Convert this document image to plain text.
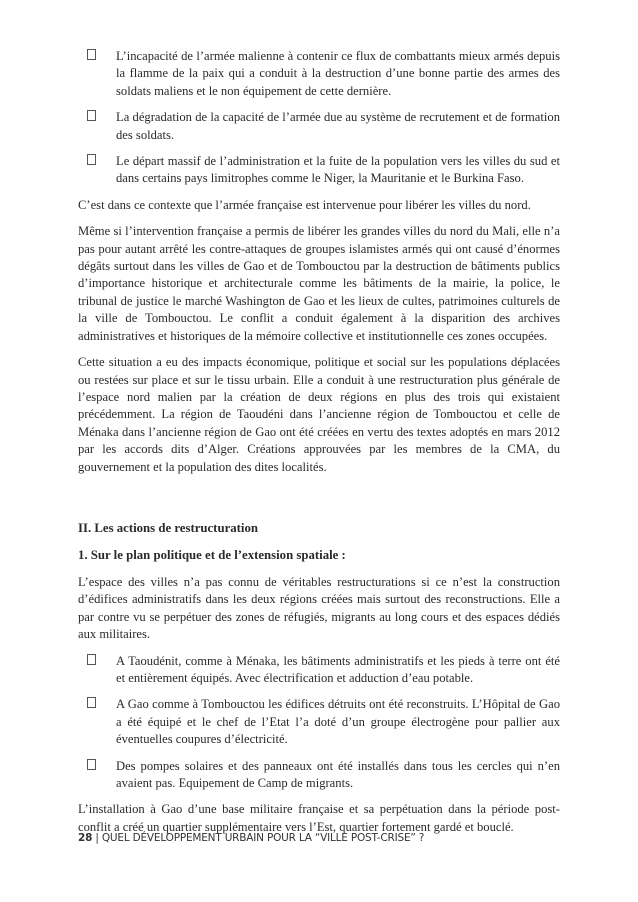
L’incapacité de l’armée malienne à contenir ce flux de combattants mieux armés depuis la flamme de la paix qui a conduit à la destruction d’une bonne partie des armes des soldats maliens et le non équipement de cette dernière.
La dégradation de la capacité de l’armée due au système de recrutement et de formation des soldats.
Le départ massif de l’administration et la fuite de la population vers les villes du sud et dans certains pays limitrophes comme le Niger, la Mauritanie et le Burkina Faso.

C’est dans ce contexte que l’armée française est intervenue pour libérer les villes du nord.

Même si l’intervention française a permis de libérer les grandes villes du nord du Mali, elle n’a pas pour autant arrêté les contre-attaques de groupes islamistes armés qui ont causé d’énormes dégâts surtout dans les villes de Gao et de Tombouctou par la destruction de bâtiments publics d’importance historique et architecturale comme les bâtiments de la mairie, la police, le tribunal de justice le marché Washington de Gao et les lieux de cultes, patrimoines culturels de la ville de Tombouctou. Le conflit a conduit également à la disparition des archives administratives et historiques de la mémoire collective et institutionnelle ces zones occupées.

Cette situation a eu des impacts économique, politique et social sur les populations déplacées ou restées sur place et sur le tissu urbain. Elle a conduit à une restructuration plus générale de l’espace nord malien par la création de deux régions en plus des trois qui existaient précédemment. La région de Taoudéni dans l’ancienne région de Tombouctou et celle de Ménaka dans l’ancienne région de Gao ont été créées en vertu des textes adoptés en mars 2012 par les accords dits d’Alger. Créations approuvées par les membres de la CMA, du gouvernement et la population des dites localités.

II. Les actions de restructuration
1. Sur le plan politique et de l’extension spatiale :

L’espace des villes n’a pas connu de véritables restructurations si ce n’est la construction d’édifices administratifs dans les deux régions créées mais surtout des reconstructions. Elle a par contre vu se perpétuer des zones de réfugiés, migrants au long cours et des espaces dédiés aux militaires.

A Taoudénit, comme à Ménaka, les bâtiments administratifs et les pieds à terre ont été et entièrement équipés. Avec électrification et adduction d’eau potable.
A Gao comme à Tombouctou les édifices détruits ont été reconstruits. L’Hôpital de Gao a été équipé et le chef de l’Etat l’a doté d’un groupe électrogène pour pallier aux éventuelles coupures d’électricité.
Des pompes solaires et des panneaux ont été installés dans tous les cercles qui n’en avaient pas. Equipement de Camp de migrants.

L’installation à Gao d’une base militaire française et sa perpétuation dans la période post-conflit a créé un quartier supplémentaire vers l’Est, quartier fortement gardé et bouclé.

28 | QUEL DÉVELOPPEMENT URBAIN POUR LA “VILLE POST-CRISE” ?
